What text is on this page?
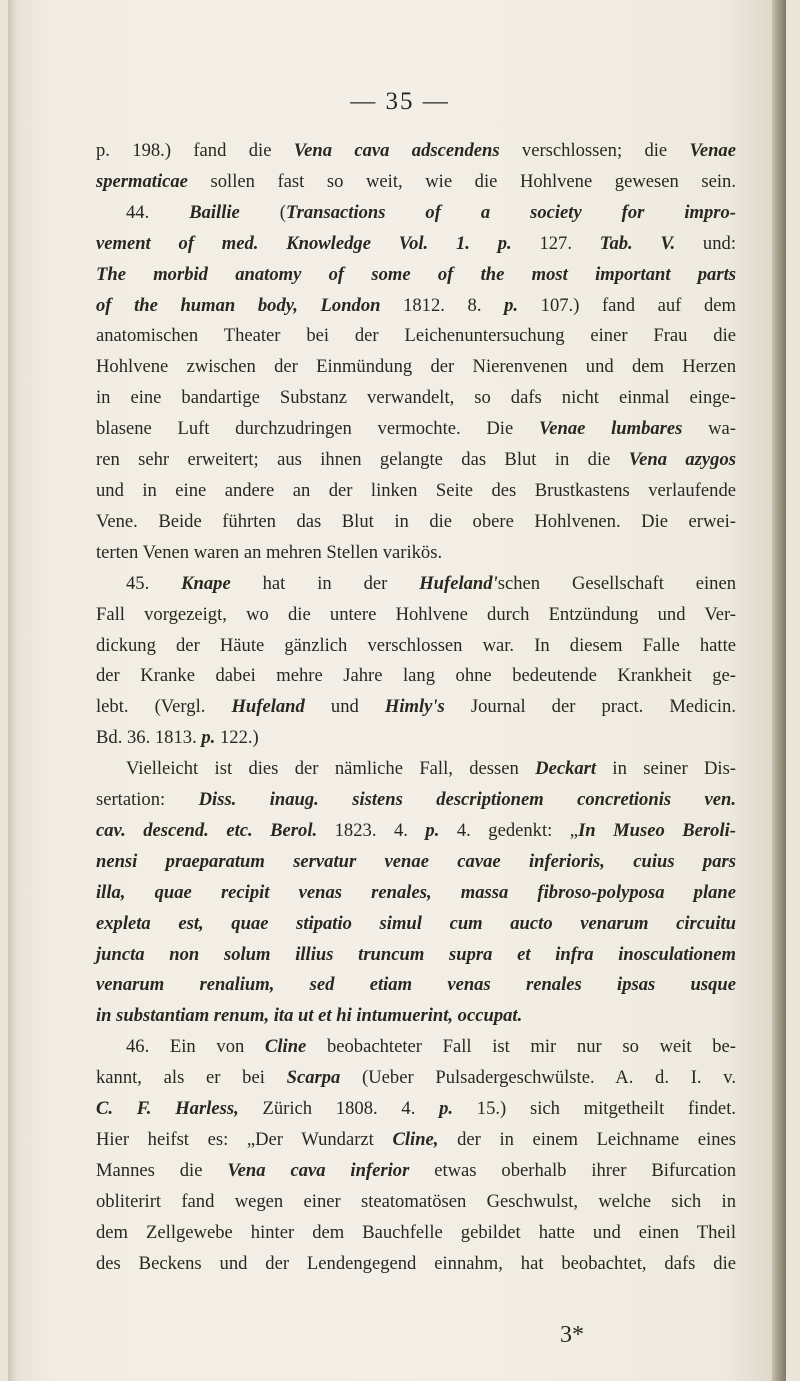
— 35 —
p. 198.) fand die Vena cava adscendens verschlossen; die Venae
spermaticae sollen fast so weit, wie die Hohlvene gewesen sein.
44. Baillie (Transactions of a society for impro-
vement of med. Knowledge Vol. 1. p. 127. Tab. V. und:
The morbid anatomy of some of the most important parts
of the human body, London 1812. 8. p. 107.) fand auf dem
anatomischen Theater bei der Leichenuntersuchung einer Frau die
Hohlvene zwischen der Einmündung der Nierenvenen und dem Herzen
in eine bandartige Substanz verwandelt, so dafs nicht einmal einge-
blasene Luft durchzudringen vermochte. Die Venae lumbares wa-
ren sehr erweitert; aus ihnen gelangte das Blut in die Vena azygos
und in eine andere an der linken Seite des Brustkastens verlaufende
Vene. Beide führten das Blut in die obere Hohlvenen. Die erwei-
terten Venen waren an mehren Stellen varikös.
45. Knape hat in der Hufeland'schen Gesellschaft einen
Fall vorgezeigt, wo die untere Hohlvene durch Entzündung und Ver-
dickung der Häute gänzlich verschlossen war. In diesem Falle hatte
der Kranke dabei mehre Jahre lang ohne bedeutende Krankheit ge-
lebt. (Vergl. Hufeland und Himly's Journal der pract. Medicin.
Bd. 36. 1813. p. 122.)
Vielleicht ist dies der nämliche Fall, dessen Deckart in seiner Dis-
sertation: Diss. inaug. sistens descriptionem concretionis ven.
cav. descend. etc. Berol. 1823. 4. p. 4. gedenkt: „In Museo Beroli-
nensi praeparatum servatur venae cavae inferioris, cuius pars
illa, quae recipit venas renales, massa fibroso-polyposa plane
expleta est, quae stipatio simul cum aucto venarum circuitu
juncta non solum illius truncum supra et infra inosculationem
venarum renalium, sed etiam venas renales ipsas usque
in substantiam renum, ita ut et hi intumuerint, occupat.
46. Ein von Cline beobachteter Fall ist mir nur so weit be-
kannt, als er bei Scarpa (Ueber Pulsadergeschwülste. A. d. I. v.
C. F. Harless, Zürich 1808. 4. p. 15.) sich mitgetheilt findet.
Hier heifst es: „Der Wundarzt Cline, der in einem Leichname eines
Mannes die Vena cava inferior etwas oberhalb ihrer Bifurcation
obliterirt fand wegen einer steatomatösen Geschwulst, welche sich in
dem Zellgewebe hinter dem Bauchfelle gebildet hatte und einen Theil
des Beckens und der Lendengegend einnahm, hat beobachtet, dafs die
3*
